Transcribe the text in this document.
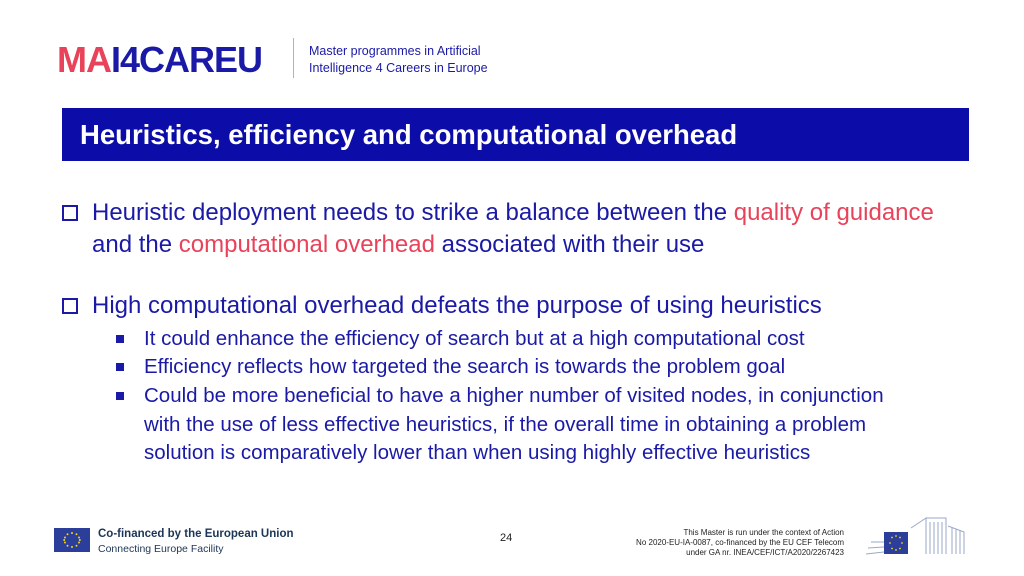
MAI4CAREU	Master programmes in Artificial
Intelligence 4 Careers in Europe
Heuristics, efficiency and computational overhead
Heuristic deployment needs to strike a balance between the quality of guidance and the computational overhead associated with their use
High computational overhead defeats the purpose of using heuristics
It could enhance the efficiency of search but at a high computational cost
Efficiency reflects how targeted the search is towards the problem goal
Could be more beneficial to have a higher number of visited nodes, in conjunction with the use of less effective heuristics, if the overall time in obtaining a problem solution is comparatively lower than when using highly effective heuristics
Co-financed by the European Union
Connecting Europe Facility
24	This Master is run under the context of Action
No 2020-EU-IA-0087, co-financed by the EU CEF Telecom
under GA nr. INEA/CEF/ICT/A2020/2267423
